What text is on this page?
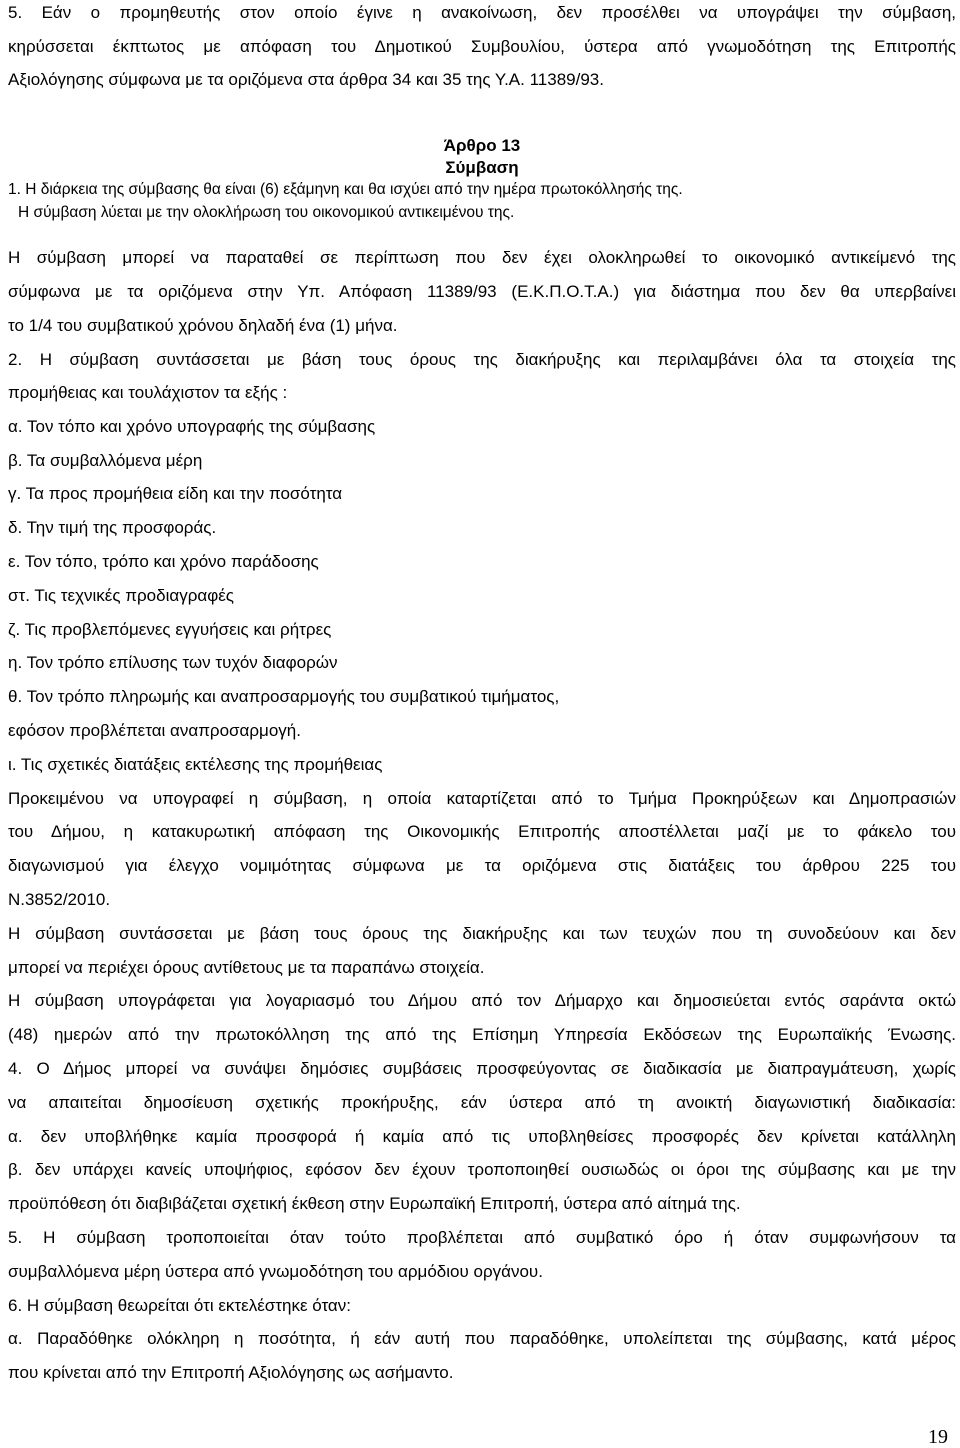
5. Εάν ο προμηθευτής στον οποίο έγινε η ανακοίνωση, δεν προσέλθει να υπογράψει την σύμβαση,

κηρύσσεται έκπτωτος με απόφαση του Δημοτικού Συμβουλίου, ύστερα από γνωμοδότηση της Επιτροπής

Αξιολόγησης σύμφωνα με τα οριζόμενα στα άρθρα 34 και 35 της Υ.Α. 11389/93.

Άρθρο 13

Σύμβαση

1. Η διάρκεια της σύμβασης θα είναι (6) εξάμηνη και θα ισχύει από την ημέρα πρωτοκόλλησής της.

Η σύμβαση λύεται με την ολοκλήρωση του οικονομικού αντικειμένου της.

Η σύμβαση μπορεί να παραταθεί σε περίπτωση που δεν έχει ολοκληρωθεί το οικονομικό αντικείμενό της

σύμφωνα με τα οριζόμενα στην Υπ. Απόφαση 11389/93 (Ε.Κ.Π.Ο.Τ.Α.) για διάστημα που δεν θα υπερβαίνει

το 1/4 του συμβατικού χρόνου δηλαδή ένα (1) μήνα.

2. Η σύμβαση συντάσσεται με βάση τους όρους της διακήρυξης και περιλαμβάνει όλα τα στοιχεία της

προμήθειας και τουλάχιστον τα εξής :

α. Τον τόπο και χρόνο υπογραφής της σύμβασης

β. Τα συμβαλλόμενα μέρη

γ. Τα προς προμήθεια είδη και την ποσότητα

δ. Την τιμή της προσφοράς.

ε. Τον τόπο, τρόπο και χρόνο παράδοσης

στ. Τις τεχνικές προδιαγραφές

ζ. Τις προβλεπόμενες εγγυήσεις και ρήτρες

η. Τον τρόπο επίλυσης των τυχόν διαφορών

θ. Τον τρόπο πληρωμής και αναπροσαρμογής του συμβατικού τιμήματος,

εφόσον προβλέπεται αναπροσαρμογή.

ι. Τις σχετικές διατάξεις εκτέλεσης της προμήθειας

Προκειμένου να υπογραφεί η σύμβαση, η οποία καταρτίζεται από το Τμήμα Προκηρύξεων και Δημοπρασιών

του Δήμου, η κατακυρωτική απόφαση της Οικονομικής Επιτροπής αποστέλλεται μαζί με το φάκελο του

διαγωνισμού για έλεγχο νομιμότητας σύμφωνα με τα οριζόμενα στις διατάξεις του άρθρου 225 του

Ν.3852/2010.

Η σύμβαση συντάσσεται με βάση τους όρους της διακήρυξης και των τευχών που τη συνοδεύουν και δεν

μπορεί να περιέχει όρους αντίθετους με τα παραπάνω στοιχεία.

Η σύμβαση υπογράφεται για λογαριασμό του Δήμου από τον Δήμαρχο και δημοσιεύεται εντός σαράντα οκτώ

(48) ημερών από την πρωτοκόλληση της από της Επίσημη Υπηρεσία Εκδόσεων της Ευρωπαϊκής Ένωσης.

4. Ο Δήμος μπορεί να συνάψει δημόσιες συμβάσεις προσφεύγοντας σε διαδικασία με διαπραγμάτευση, χωρίς

να απαιτείται δημοσίευση σχετικής προκήρυξης, εάν ύστερα από τη ανοικτή διαγωνιστική διαδικασία:

α. δεν υποβλήθηκε καμία προσφορά ή καμία από τις υποβληθείσες προσφορές δεν κρίνεται κατάλληλη

β. δεν υπάρχει κανείς υποψήφιος, εφόσον δεν έχουν τροποποιηθεί ουσιωδώς οι όροι της σύμβασης και με την

προϋπόθεση ότι διαβιβάζεται σχετική έκθεση στην Ευρωπαϊκή Επιτροπή, ύστερα από αίτημά της.

5. Η σύμβαση τροποποιείται όταν τούτο προβλέπεται από συμβατικό όρο ή όταν συμφωνήσουν τα

συμβαλλόμενα μέρη ύστερα από γνωμοδότηση του αρμόδιου οργάνου.

6. Η σύμβαση θεωρείται ότι εκτελέστηκε όταν:

α. Παραδόθηκε ολόκληρη η ποσότητα, ή εάν αυτή που παραδόθηκε, υπολείπεται της σύμβασης, κατά μέρος

που κρίνεται από την Επιτροπή Αξιολόγησης ως ασήμαντο.

19
